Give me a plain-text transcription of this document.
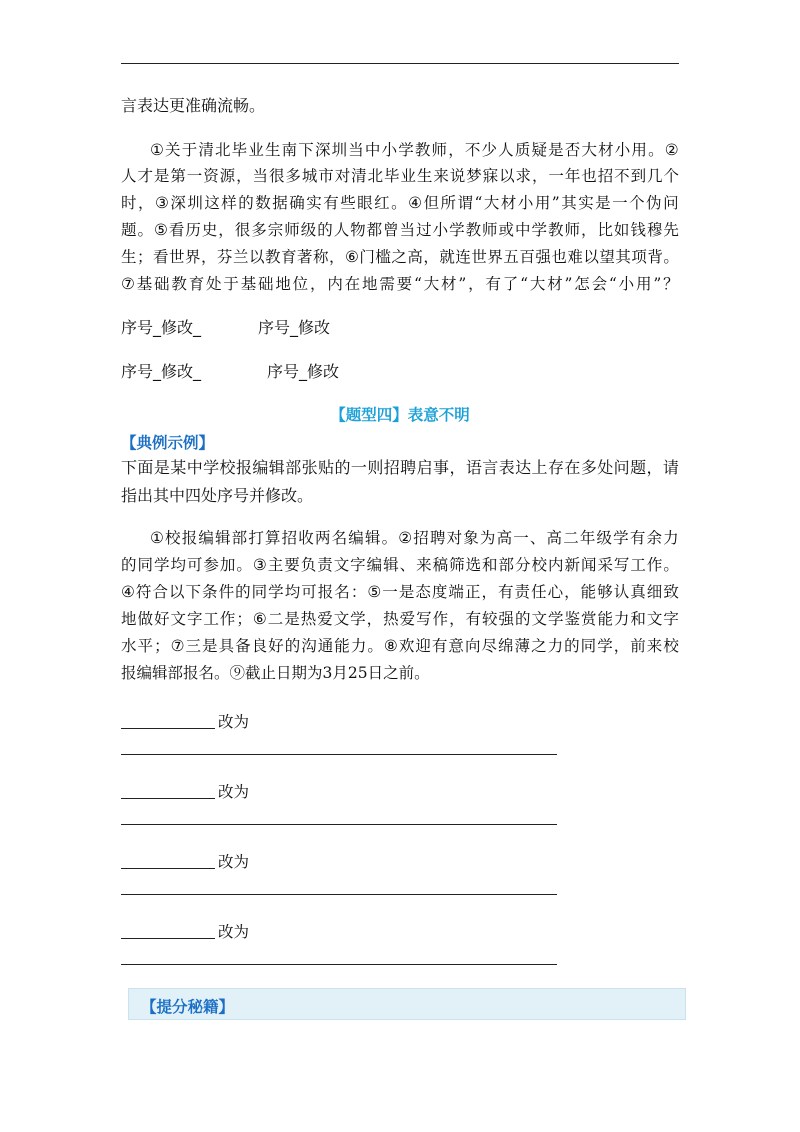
言表达更准确流畅。
① 关 于 清 北 毕 业 生 南 下 深 圳 当 中 小 学 教 师 ， 不 少 人 质 疑 是 否 大 材 小 用 。 ②
人 才 是 第 一 资 源 ， 当 很 多 城 市 对 清 北 毕 业 生 来 说 梦 寐 以 求 ， 一 年 也 招 不 到 几 个
时 ， ③ 深 圳 这 样 的 数 据 确 实 有 些 眼 红 。 ④ 但 所 谓 “ 大 材 小 用 ” 其 实 是 一 个 伪 问
题 。 ⑤ 看 历 史 ， 很 多 宗 师 级 的 人 物 都 曾 当 过 小 学 教 师 或 中 学 教 师 ， 比 如 钱 穆 先
生 ； 看 世 界 ， 芬 兰 以 教 育 著 称 ， ⑥ 门 槛 之 高 ， 就 连 世 界 五 百 强 也 难 以 望 其 项 背 。
⑦ 基 础 教 育 处 于 基 础 地 位 ， 内 在 地 需 要 “ 大 材 ” ， 有 了 “ 大 材 ” 怎 会 “ 小 用 ” ？
序号_修改_	序号_修改
序号_修改_	序号_修改
【题型四】表意不明
【典例示例】
下 面 是 某 中 学 校 报 编 辑 部 张 贴 的 一 则 招 聘 启 事 ， 语 言 表 达 上 存 在 多 处 问 题 ， 请
指出其中四处序号并修改。
① 校 报 编 辑 部 打 算 招 收 两 名 编 辑 。 ② 招 聘 对 象 为 高 一 、 高 二 年 级 学 有 余 力
的 同 学 均 可 参 加 。 ③ 主 要 负 责 文 字 编 辑 、 来 稿 筛 选 和 部 分 校 内 新 闻 采 写 工 作 。
④ 符 合 以 下 条 件 的 同 学 均 可 报 名 ： ⑤ 一 是 态 度 端 正 ， 有 责 任 心 ， 能 够 认 真 细 致
地 做 好 文 字 工 作 ； ⑥ 二 是 热 爱 文 学 ， 热 爱 写 作 ， 有 较 强 的 文 学 鉴 赏 能 力 和 文 字
水 平 ； ⑦ 三 是 具 备 良 好 的 沟 通 能 力 。 ⑧ 欢 迎 有 意 向 尽 绵 薄 之 力 的 同 学 ， 前 来 校
报编辑部报名。⑨截止日期为3月25日之前。
改为
改为
改为
改为
【提分秘籍】
